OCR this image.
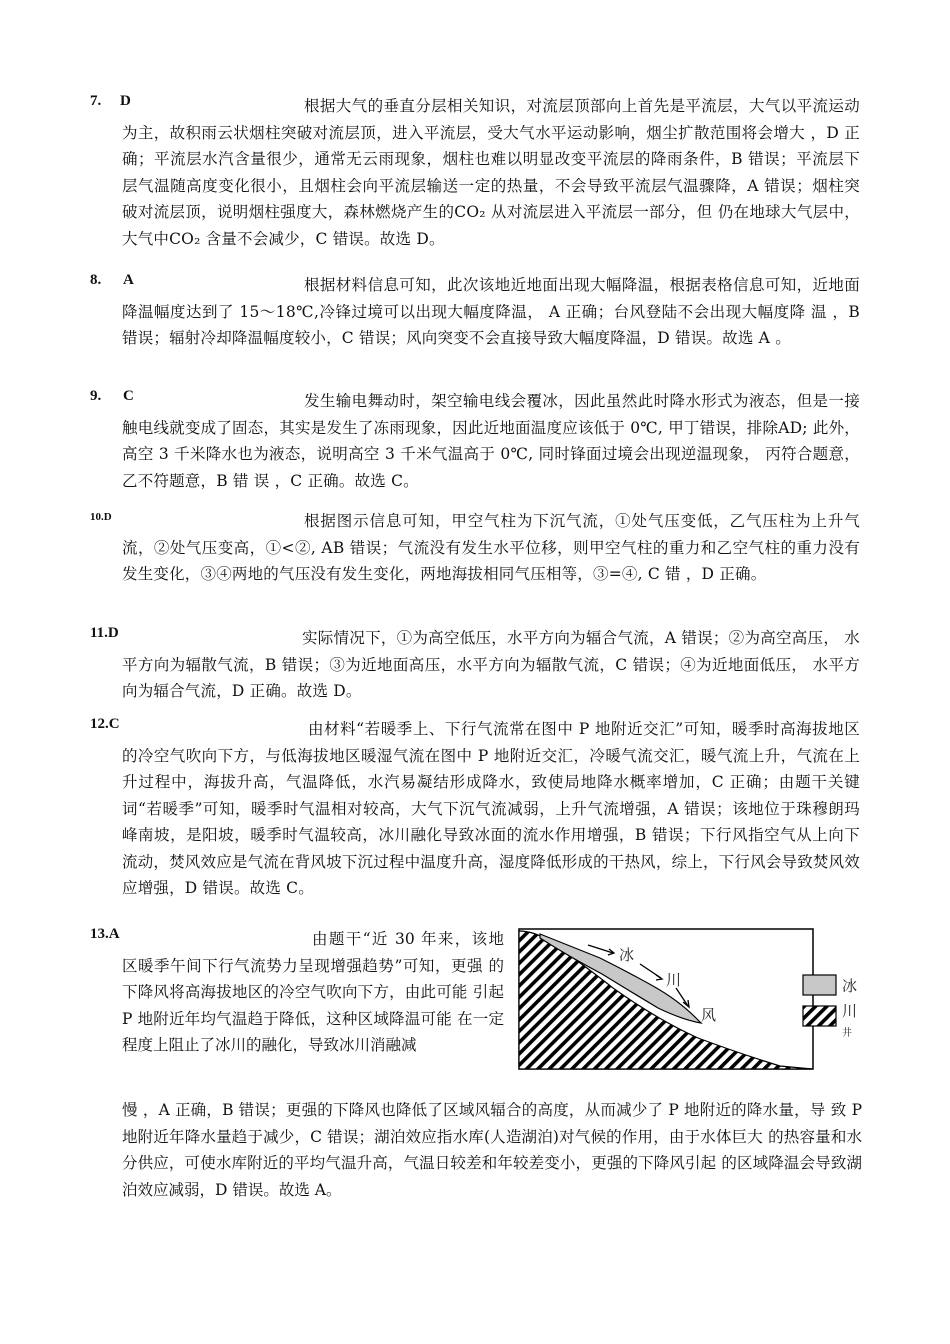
7. D	根据大气的垂直分层相关知识，对流层顶部向上首先是平流层，大气以平流运动为主，故积雨云状烟柱突破对流层顶，进入平流层，受大气水平运动影响，烟尘扩散范围将会增大 ，D 正确；平流层水汽含量很少，通常无云雨现象，烟柱也难以明显改变平流层的降雨条件，B 错误；平流层下层气温随高度变化很小，且烟柱会向平流层输送一定的热量，不会导致平流层气温骤降，A 错误；烟柱突破对流层顶，说明烟柱强度大，森林燃烧产生的CO₂ 从对流层进入平流层一部分，但 仍在地球大气层中，大气中CO₂ 含量不会减少，C 错误。故选 D。
8. A	根据材料信息可知，此次该地近地面出现大幅降温，根据表格信息可知，近地面降温幅度达到了 15～18℃,冷锋过境可以出现大幅度降温， A 正确；台风登陆不会出现大幅度降 温 ，B 错误；辐射冷却降温幅度较小，C 错误；风向突变不会直接导致大幅度降温，D 错误。故选 A 。
9. C	发生输电舞动时，架空输电线会覆冰，因此虽然此时降水形式为液态，但是一接触电线就变成了固态，其实是发生了冻雨现象，因此近地面温度应该低于 0℃, 甲丁错误，排除AD; 此外，高空 3 千米降水也为液态，说明高空 3 千米气温高于 0℃, 同时锋面过境会出现逆温现象， 丙符合题意，乙不符题意，B 错 误 ，C 正确。故选 C。
10.D	根据图示信息可知，甲空气柱为下沉气流，①处气压变低，乙气压柱为上升气流，②处气压变高，①<②, AB 错误；气流没有发生水平位移，则甲空气柱的重力和乙空气柱的重力没有发生变化，③④两地的气压没有发生变化，两地海拔相同气压相等，③=④, C 错 ，D 正确。
11.D	实际情况下，①为高空低压，水平方向为辐合气流，A 错误；②为高空高压， 水平方向为辐散气流，B 错误；③为近地面高压，水平方向为辐散气流，C 错误；④为近地面低压， 水平方向为辐合气流，D 正确。故选 D。
12.C	由材料“若暖季上、下行气流常在图中 P 地附近交汇”可知，暖季时高海拔地区的冷空气吹向下方，与低海拔地区暖湿气流在图中 P 地附近交汇，冷暖气流交汇，暖气流上升，气流在上升过程中，海拔升高，气温降低，水汽易凝结形成降水，致使局地降水概率增加，C 正确；由题干关键词“若暖季”可知，暖季时气温相对较高，大气下沉气流减弱，上升气流增强，A 错误；该地位于珠穆朗玛峰南坡，是阳坡，暖季时气温较高，冰川融化导致冰面的流水作用增强，B 错误；下行风指空气从上向下流动，焚风效应是气流在背风坡下沉过程中温度升高，湿度降低形成的干热风，综上，下行风会导致焚风效应增强，D 错误。故选 C。
13.A	由题干“近 30 年来，该地 区暖季午间下行气流势力呈现增强趋势”可知，更强 的下降风将高海拔地区的冷空气吹向下方，由此可能 引起 P 地附近年均气温趋于降低，这种区域降温可能 在一定程度上阻止了冰川的融化，导致冰川消融减
慢 ，A 正确，B 错误；更强的下降风也降低了区域风辐合的高度，从而减少了 P 地附近的降水量，导 致 P 地附近年降水量趋于减少，C 错误；湖泊效应指水库(人造湖泊)对气候的作用，由于水体巨大 的热容量和水分供应，可使水库附近的平均气温升高，气温日较差和年较差变小，更强的下降风引起 的区域降温会导致湖泊效应减弱，D 错误。故选 A。
冰
川
风
冰
川
井
